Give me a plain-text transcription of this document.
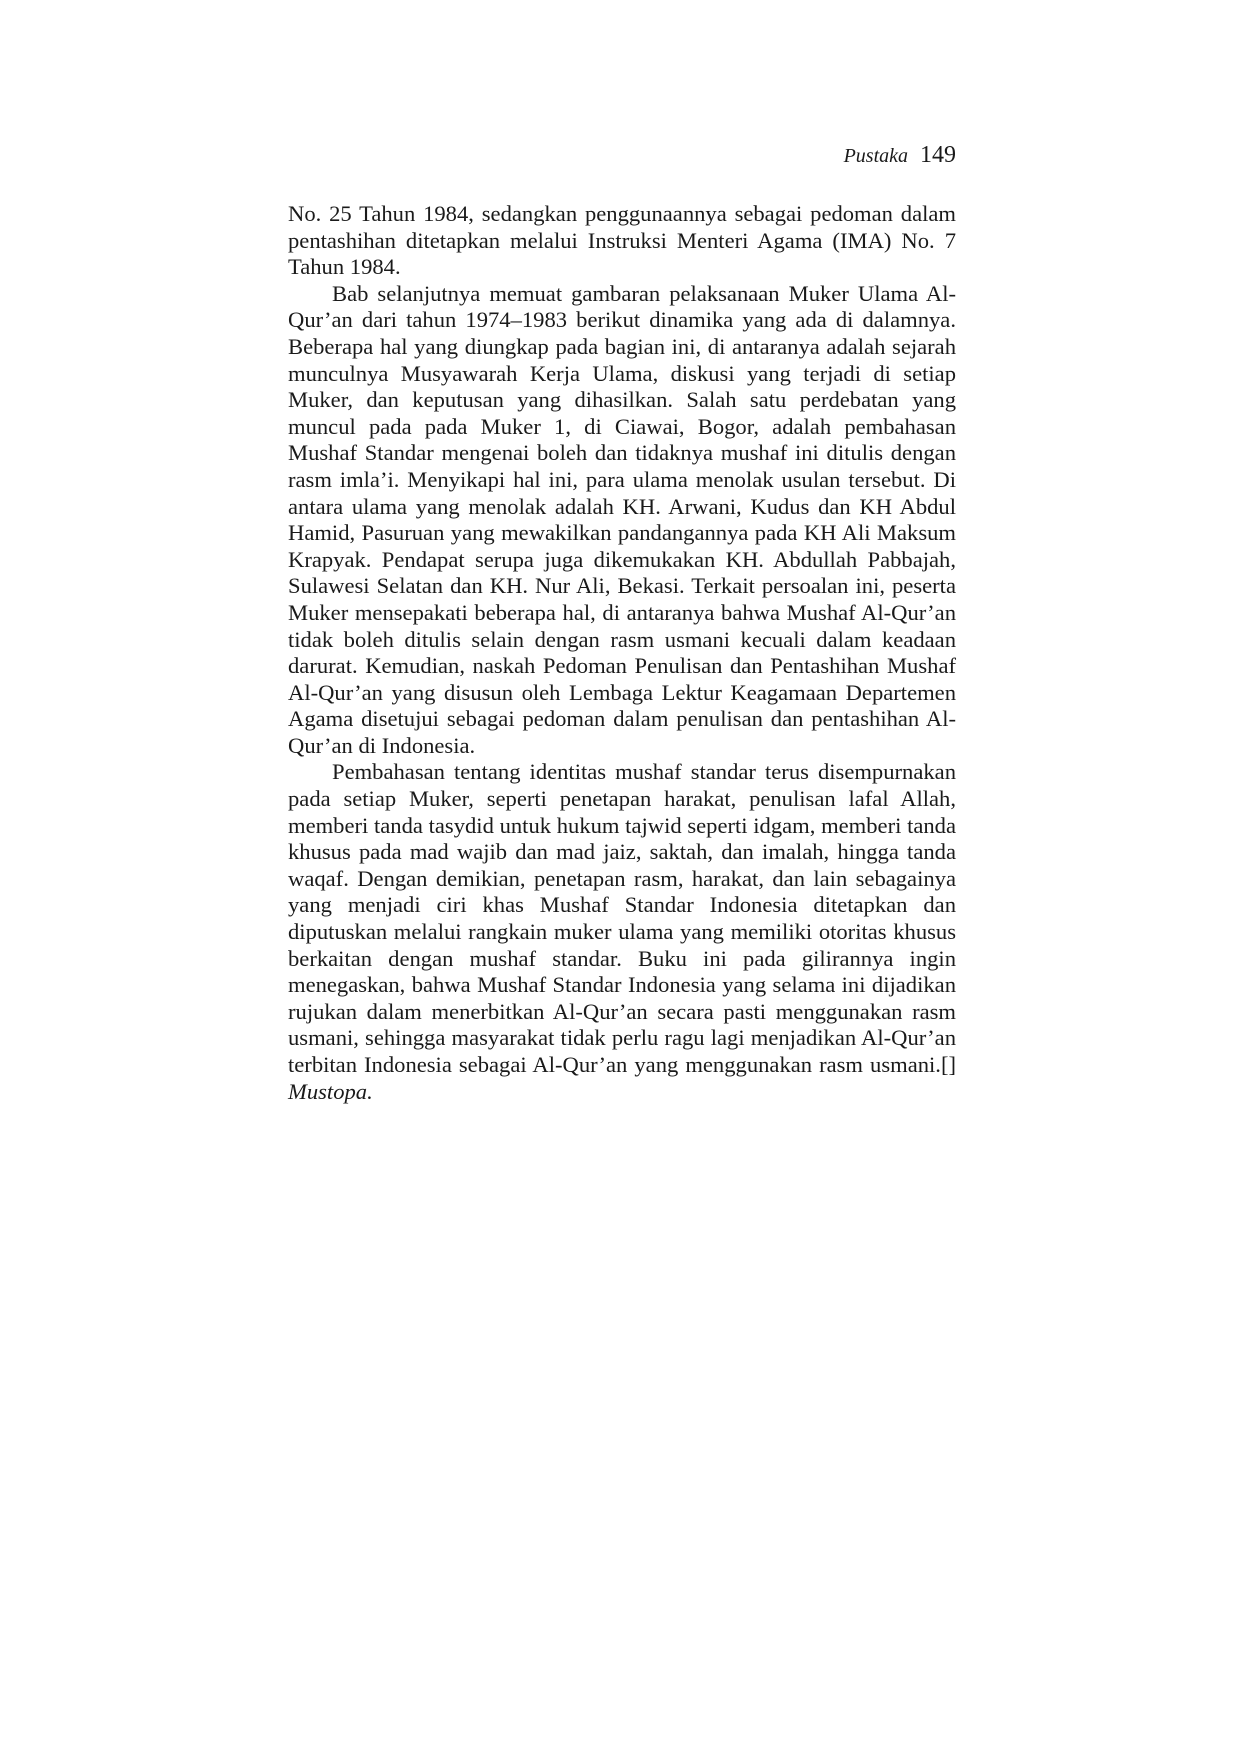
Pustaka 149

No. 25 Tahun 1984, sedangkan penggunaannya sebagai pedoman dalam pentashihan ditetapkan melalui Instruksi Menteri Agama (IMA) No. 7 Tahun 1984.

Bab selanjutnya memuat gambaran pelaksanaan Muker Ulama Al-Qur’an dari tahun 1974–1983 berikut dinamika yang ada di dalamnya. Beberapa hal yang diungkap pada bagian ini, di antaranya adalah sejarah munculnya Musyawarah Kerja Ulama, diskusi yang terjadi di setiap Muker, dan keputusan yang dihasilkan. Salah satu perdebatan yang muncul pada pada Muker 1, di Ciawai, Bogor, adalah pembahasan Mushaf Standar mengenai boleh dan tidaknya mushaf ini ditulis dengan rasm imla’i. Menyikapi hal ini, para ulama menolak usulan tersebut. Di antara ulama yang menolak adalah KH. Arwani, Kudus dan KH Abdul Hamid, Pasuruan yang mewakilkan pandangannya pada KH Ali Maksum Krapyak. Pendapat serupa juga dikemukakan KH. Abdullah Pabbajah, Sulawesi Selatan dan KH. Nur Ali, Bekasi. Terkait persoalan ini, peserta Muker mensepakati beberapa hal, di antaranya bahwa Mushaf Al-Qur’an tidak boleh ditulis selain dengan rasm usmani kecuali dalam keadaan darurat. Kemudian, naskah Pedoman Penulisan dan Pentashihan Mushaf Al-Qur’an yang disusun oleh Lembaga Lektur Keagamaan Departemen Agama disetujui sebagai pedoman dalam penulisan dan pentashihan Al-Qur’an di Indonesia.

Pembahasan tentang identitas mushaf standar terus disempurnakan pada setiap Muker, seperti penetapan harakat, penulisan lafal Allah, memberi tanda tasydid untuk hukum tajwid seperti idgam, memberi tanda khusus pada mad wajib dan mad jaiz, saktah, dan imalah, hingga tanda waqaf. Dengan demikian, penetapan rasm, harakat, dan lain sebagainya yang menjadi ciri khas Mushaf Standar Indonesia ditetapkan dan diputuskan melalui rangkain muker ulama yang memiliki otoritas khusus berkaitan dengan mushaf standar. Buku ini pada gilirannya ingin menegaskan, bahwa Mushaf Standar Indonesia yang selama ini dijadikan rujukan dalam menerbitkan Al-Qur’an secara pasti menggunakan rasm usmani, sehingga masyarakat tidak perlu ragu lagi menjadikan Al-Qur’an terbitan Indonesia sebagai Al-Qur’an yang menggunakan rasm usmani.[] Mustopa.
